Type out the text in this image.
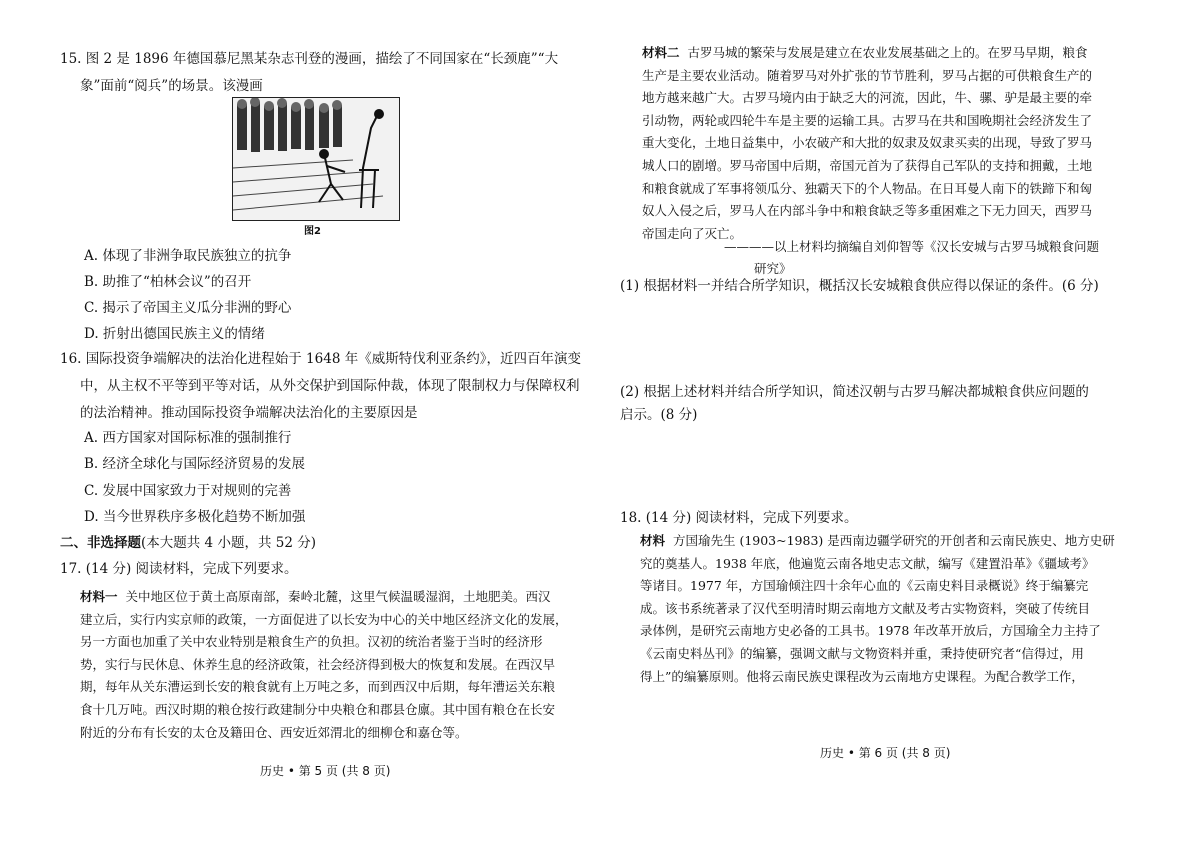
15. 图 2 是 1896 年德国慕尼黑某杂志刊登的漫画，描绘了不同国家在“长颈鹿”“大
象”面前“阅兵”的场景。该漫画
图2
A. 体现了非洲争取民族独立的抗争
B. 助推了“柏林会议”的召开
C. 揭示了帝国主义瓜分非洲的野心
D. 折射出德国民族主义的情绪
16. 国际投资争端解决的法治化进程始于 1648 年《威斯特伐利亚条约》，近四百年演变
中，从主权不平等到平等对话，从外交保护到国际仲裁，体现了限制权力与保障权利
的法治精神。推动国际投资争端解决法治化的主要原因是
A. 西方国家对国际标准的强制推行
B. 经济全球化与国际经济贸易的发展
C. 发展中国家致力于对规则的完善
D. 当今世界秩序多极化趋势不断加强
二、非选择题(本大题共 4 小题，共 52 分)
17. (14 分) 阅读材料，完成下列要求。
材料一 关中地区位于黄土高原南部，秦岭北麓，这里气候温暖湿润，土地肥美。西汉
建立后，实行内实京师的政策，一方面促进了以长安为中心的关中地区经济文化的发展，
另一方面也加重了关中农业特别是粮食生产的负担。汉初的统治者鉴于当时的经济形
势，实行与民休息、休养生息的经济政策，社会经济得到极大的恢复和发展。在西汉早
期，每年从关东漕运到长安的粮食就有上万吨之多，而到西汉中后期，每年漕运关东粮
食十几万吨。西汉时期的粮仓按行政建制分中央粮仓和郡县仓廪。其中国有粮仓在长安
附近的分布有长安的太仓及籍田仓、西安近郊渭北的细柳仓和嘉仓等。
历史 • 第 5 页 (共 8 页)
材料二 古罗马城的繁荣与发展是建立在农业发展基础之上的。在罗马早期，粮食
生产是主要农业活动。随着罗马对外扩张的节节胜利，罗马占据的可供粮食生产的
地方越来越广大。古罗马境内由于缺乏大的河流，因此，牛、骡、驴是最主要的牵
引动物，两轮或四轮牛车是主要的运输工具。古罗马在共和国晚期社会经济发生了
重大变化，土地日益集中，小农破产和大批的奴隶及奴隶买卖的出现，导致了罗马
城人口的剧增。罗马帝国中后期，帝国元首为了获得自己军队的支持和拥戴，土地
和粮食就成了军事将领瓜分、独霸天下的个人物品。在日耳曼人南下的铁蹄下和匈
奴人入侵之后，罗马人在内部斗争中和粮食缺乏等多重困难之下无力回天，西罗马
帝国走向了灭亡。
————以上材料均摘编自刘仰智等《汉长安城与古罗马城粮食问题
研究》
(1) 根据材料一并结合所学知识，概括汉长安城粮食供应得以保证的条件。(6 分)
(2) 根据上述材料并结合所学知识，简述汉朝与古罗马解决都城粮食供应问题的
启示。(8 分)
18. (14 分) 阅读材料，完成下列要求。
材料 方国瑜先生 (1903~1983) 是西南边疆学研究的开创者和云南民族史、地方史研
究的奠基人。1938 年底，他遍览云南各地史志文献，编写《建置沿革》《疆域考》
等诸目。1977 年，方国瑜倾注四十余年心血的《云南史料目录概说》终于编纂完
成。该书系统著录了汉代至明清时期云南地方文献及考古实物资料，突破了传统目
录体例，是研究云南地方史必备的工具书。1978 年改革开放后，方国瑜全力主持了
《云南史料丛刊》的编纂，强调文献与文物资料并重，秉持使研究者“信得过，用
得上”的编纂原则。他将云南民族史课程改为云南地方史课程。为配合教学工作，
历史 • 第 6 页 (共 8 页)
